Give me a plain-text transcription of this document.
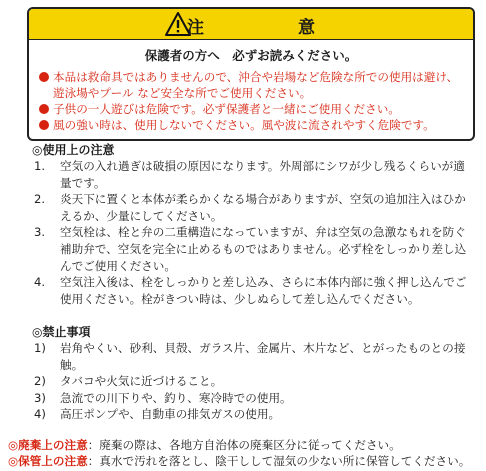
注 意
保護者の方へ　必ずお読みください。
本品は救命具ではありませんので、沖合や岩場など危険な所での使用は避け、遊泳場やプール など安全な所でご使用ください。
子供の一人遊びは危険です。必ず保護者と一緒にご使用ください。
風の強い時は、使用しないでください。風や波に流されやすく危険です。
◎使用上の注意
1. 空気の入れ過ぎは破損の原因になります。外周部にシワが少し残るくらいが適量です。
2. 炎天下に置くと本体が柔らかくなる場合がありますが、空気の追加注入はひかえるか、少量にしてください。
3. 空気栓は、栓と弁の二重構造になっていますが、弁は空気の急激なもれを防ぐ補助弁で、空気を完全に止めるものではありません。必ず栓をしっかり差し込んでご使用ください。
4. 空気注入後は、栓をしっかりと差し込み、さらに本体内部に強く押し込んでご使用ください。栓がきつい時は、少しぬらして差し込んでください。
◎禁止事項
1) 岩角やくい、砂利、貝殻、ガラス片、金属片、木片など、とがったものとの接触。
2) タバコや火気に近づけること。
3) 急流での川下りや、釣り、寒冷時での使用。
4) 高圧ポンプや、自動車の排気ガスの使用。
◎廃棄上の注意：廃棄の際は、各地方自治体の廃棄区分に従ってください。
◎保管上の注意：真水で汚れを落とし、陰干しして湿気の少ない所に保管してください。
